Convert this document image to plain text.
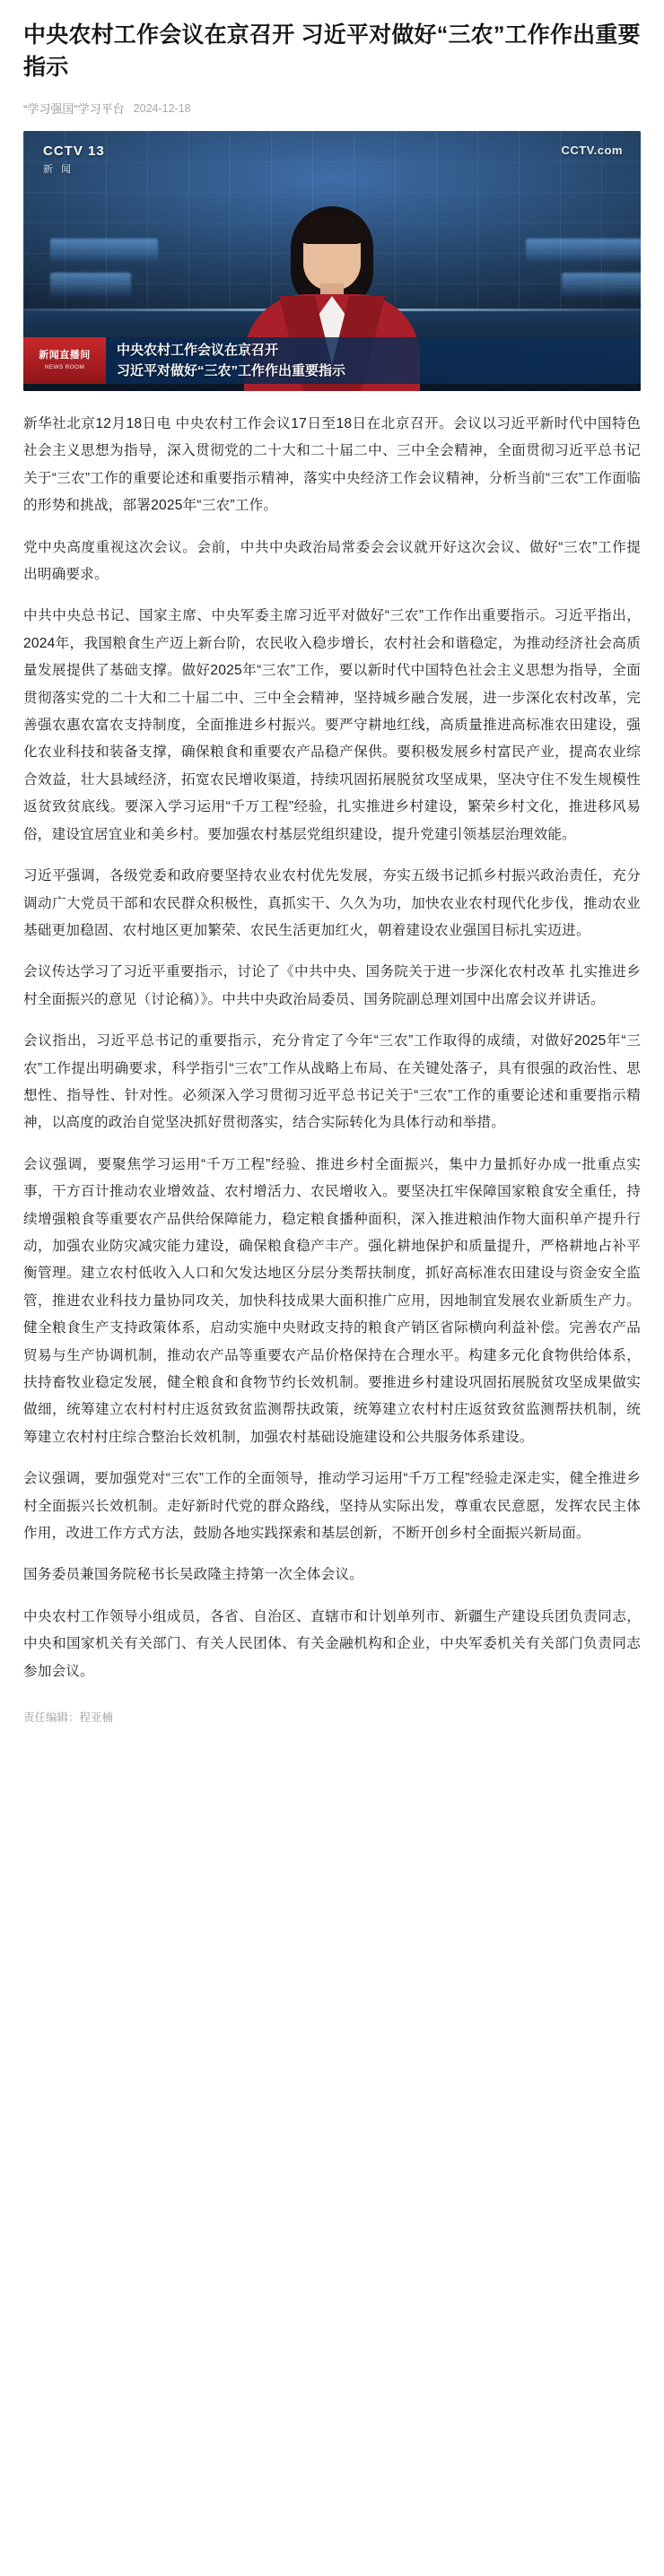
中央农村工作会议在京召开 习近平对做好“三农”工作作出重要指示
“学习强国”学习平台 2024-12-18
CCTV 13
新 闻
CCTV.com
新闻直播间
NEWS ROOM
中央农村工作会议在京召开
习近平对做好“三农”工作作出重要指示

新华社北京12月18日电 中央农村工作会议17日至18日在北京召开。会议以习近平新时代中国特色社会主义思想为指导，深入贯彻党的二十大和二十届二中、三中全会精神，全面贯彻习近平总书记关于“三农”工作的重要论述和重要指示精神，落实中央经济工作会议精神，分析当前“三农”工作面临的形势和挑战，部署2025年“三农”工作。

党中央高度重视这次会议。会前，中共中央政治局常委会会议就开好这次会议、做好“三农”工作提出明确要求。

中共中央总书记、国家主席、中央军委主席习近平对做好“三农”工作作出重要指示。习近平指出，2024年，我国粮食生产迈上新台阶，农民收入稳步增长，农村社会和谐稳定，为推动经济社会高质量发展提供了基础支撑。做好2025年“三农”工作，要以新时代中国特色社会主义思想为指导，全面贯彻落实党的二十大和二十届二中、三中全会精神，坚持城乡融合发展，进一步深化农村改革，完善强农惠农富农支持制度，全面推进乡村振兴。要严守耕地红线，高质量推进高标准农田建设，强化农业科技和装备支撑，确保粮食和重要农产品稳产保供。要积极发展乡村富民产业，提高农业综合效益，壮大县域经济，拓宽农民增收渠道，持续巩固拓展脱贫攻坚成果，坚决守住不发生规模性返贫致贫底线。要深入学习运用“千万工程”经验，扎实推进乡村建设，繁荣乡村文化，推进移风易俗，建设宜居宜业和美乡村。要加强农村基层党组织建设，提升党建引领基层治理效能。

习近平强调，各级党委和政府要坚持农业农村优先发展，夯实五级书记抓乡村振兴政治责任，充分调动广大党员干部和农民群众积极性，真抓实干、久久为功，加快农业农村现代化步伐，推动农业基础更加稳固、农村地区更加繁荣、农民生活更加红火，朝着建设农业强国目标扎实迈进。

会议传达学习了习近平重要指示，讨论了《中共中央、国务院关于进一步深化农村改革 扎实推进乡村全面振兴的意见（讨论稿）》。中共中央政治局委员、国务院副总理刘国中出席会议并讲话。

会议指出，习近平总书记的重要指示，充分肯定了今年“三农”工作取得的成绩，对做好2025年“三农”工作提出明确要求，科学指引“三农”工作从战略上布局、在关键处落子，具有很强的政治性、思想性、指导性、针对性。必须深入学习贯彻习近平总书记关于“三农”工作的重要论述和重要指示精神，以高度的政治自觉坚决抓好贯彻落实，结合实际转化为具体行动和举措。

会议强调，要聚焦学习运用“千万工程”经验、推进乡村全面振兴，集中力量抓好办成一批重点实事，干方百计推动农业增效益、农村增活力、农民增收入。要坚决扛牢保障国家粮食安全重任，持续增强粮食等重要农产品供给保障能力，稳定粮食播种面积，深入推进粮油作物大面积单产提升行动，加强农业防灾减灾能力建设，确保粮食稳产丰产。强化耕地保护和质量提升，严格耕地占补平衡管理。建立农村低收入人口和欠发达地区分层分类帮扶制度，抓好高标准农田建设与资金安全监管，推进农业科技力量协同攻关，加快科技成果大面积推广应用，因地制宜发展农业新质生产力。健全粮食生产支持政策体系，启动实施中央财政支持的粮食产销区省际横向利益补偿。完善农产品贸易与生产协调机制，推动农产品等重要农产品价格保持在合理水平。构建多元化食物供给体系，扶持畜牧业稳定发展，健全粮食和食物节约长效机制。要推进乡村建设巩固拓展脱贫攻坚成果做实做细，统筹建立农村村村庄返贫致贫监测帮扶政策，统筹建立农村村庄返贫致贫监测帮扶机制，统筹建立农村村庄综合整治长效机制，加强农村基础设施建设和公共服务体系建设。

会议强调，要加强党对“三农”工作的全面领导，推动学习运用“千万工程”经验走深走实，健全推进乡村全面振兴长效机制。走好新时代党的群众路线，坚持从实际出发，尊重农民意愿，发挥农民主体作用，改进工作方式方法，鼓励各地实践探索和基层创新，不断开创乡村全面振兴新局面。

国务委员兼国务院秘书长吴政隆主持第一次全体会议。

中央农村工作领导小组成员，各省、自治区、直辖市和计划单列市、新疆生产建设兵团负责同志，中央和国家机关有关部门、有关人民团体、有关金融机构和企业，中央军委机关有关部门负责同志参加会议。

责任编辑：程亚楠
